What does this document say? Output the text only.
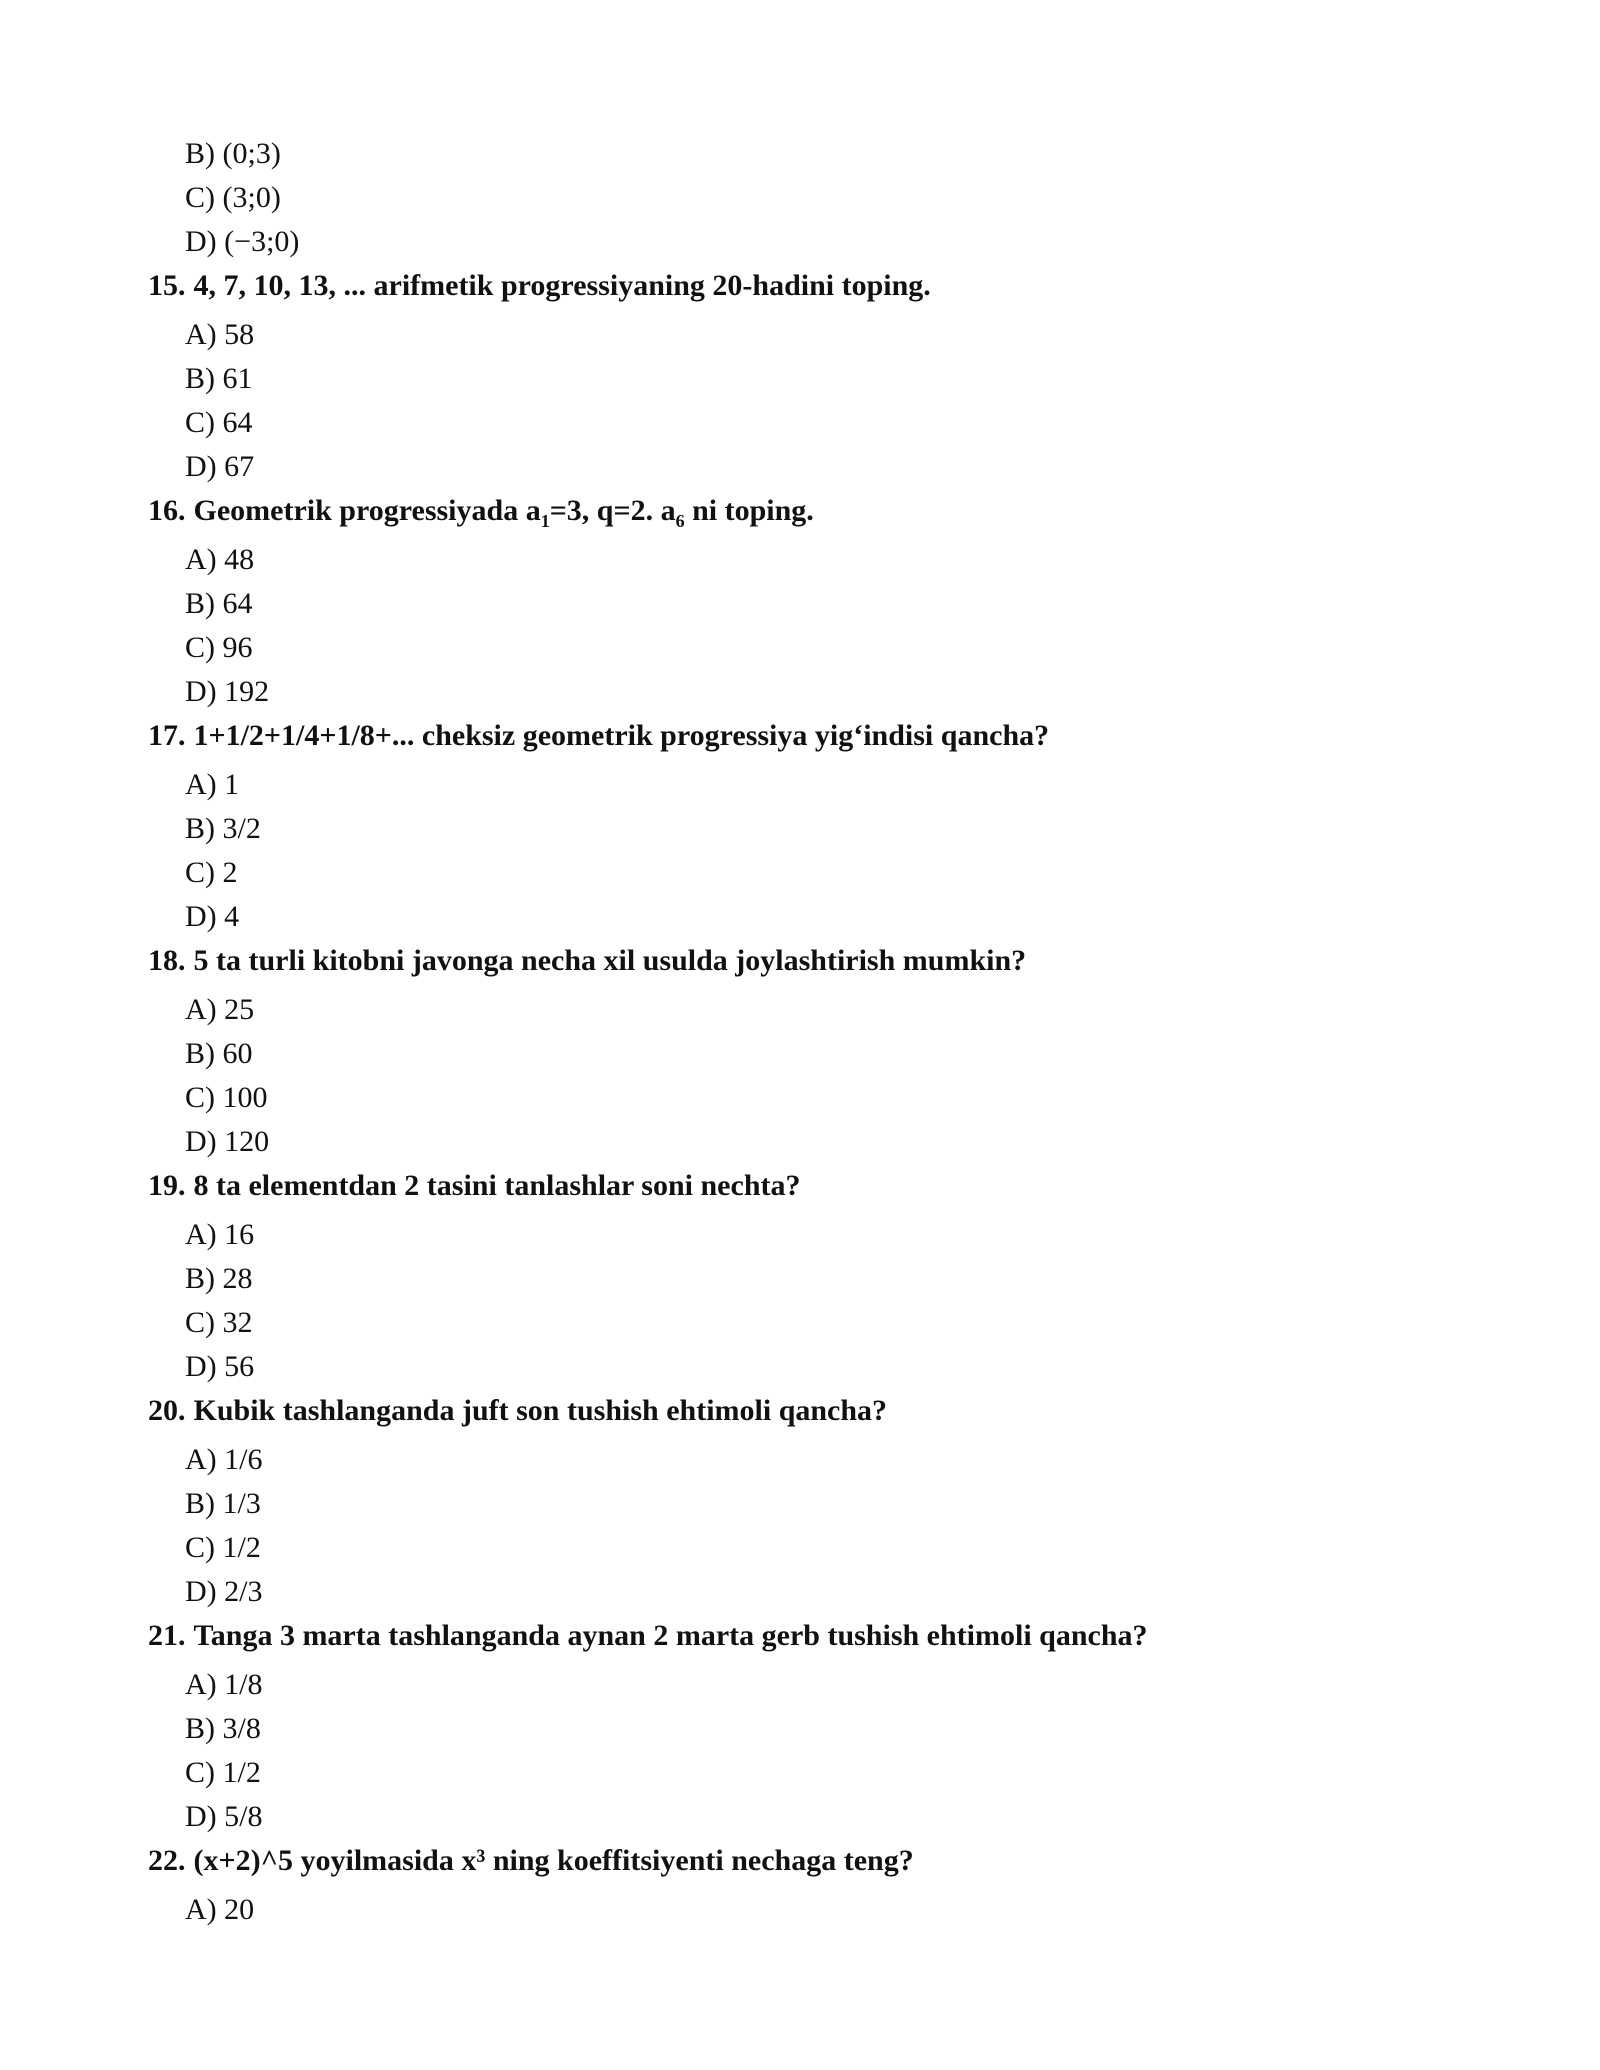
B) (0;3)
C) (3;0)
D) (−3;0)
15. 4, 7, 10, 13, ... arifmetik progressiyaning 20-hadini toping.
A) 58
B) 61
C) 64
D) 67
16. Geometrik progressiyada $a_1=3$, q=2. $a_6$ ni toping.
A) 48
B) 64
C) 96
D) 192
17. 1+1/2+1/4+1/8+... cheksiz geometrik progressiya yig‘indisi qancha?
A) 1
B) 3/2
C) 2
D) 4
18. 5 ta turli kitobni javonga necha xil usulda joylashtirish mumkin?
A) 25
B) 60
C) 100
D) 120
19. 8 ta elementdan 2 tasini tanlashlar soni nechta?
A) 16
B) 28
C) 32
D) 56
20. Kubik tashlanganda juft son tushish ehtimoli qancha?
A) 1/6
B) 1/3
C) 1/2
D) 2/3
21. Tanga 3 marta tashlanganda aynan 2 marta gerb tushish ehtimoli qancha?
A) 1/8
B) 3/8
C) 1/2
D) 5/8
22. (x+2)^5 yoyilmasida x³ ning koeffitsiyenti nechaga teng?
A) 20
